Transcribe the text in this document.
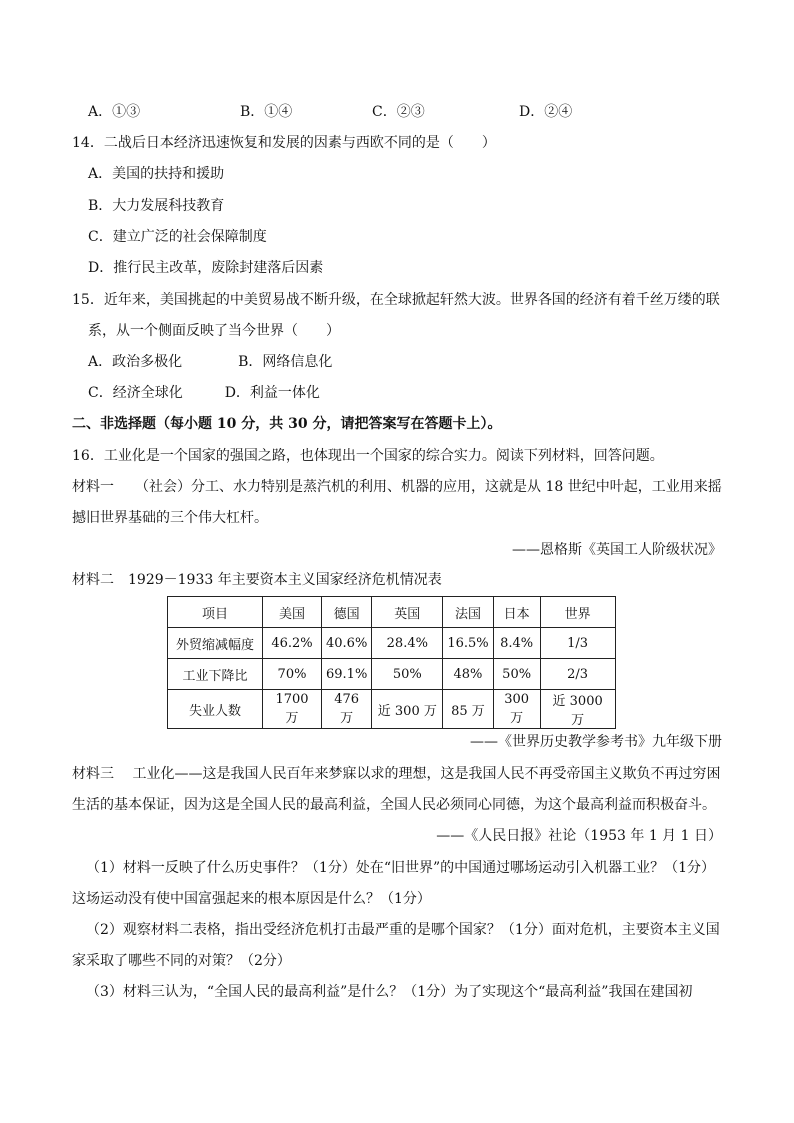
A．①③	B．①④	C．②③	D．②④
14．二战后日本经济迅速恢复和发展的因素与西欧不同的是（　　）
A．美国的扶持和援助
B．大力发展科技教育
C．建立广泛的社会保障制度
D．推行民主改革，废除封建落后因素
15．近年来，美国挑起的中美贸易战不断升级，在全球掀起轩然大波。世界各国的经济有着千丝万缕的联
系，从一个侧面反映了当今世界（　　）
A．政治多极化　　　　B．网络信息化
C．经济全球化　　　D．利益一体化
二、非选择题（每小题 10 分，共 30 分，请把答案写在答题卡上）。
16．工业化是一个国家的强国之路，也体现出一个国家的综合实力。阅读下列材料，回答问题。
材料一　　（社会）分工、水力特别是蒸汽机的利用、机器的应用，这就是从 18 世纪中叶起，工业用来摇
撼旧世界基础的三个伟大杠杆。
——恩格斯《英国工人阶级状况》
材料二　1929－1933 年主要资本主义国家经济危机情况表
项目	美国	德国	英国	法国	日本	世界
外贸缩减幅度	46.2%	40.6%	28.4%	16.5%	8.4%	1/3
工业下降比	70%	69.1%	50%	48%	50%	2/3
失业人数	1700 万	476 万	近 300 万	85 万	300 万	近 3000 万
——《世界历史教学参考书》九年级下册
材料三　 工业化——这是我国人民百年来梦寐以求的理想，这是我国人民不再受帝国主义欺负不再过穷困
生活的基本保证，因为这是全国人民的最高利益，全国人民必须同心同德，为这个最高利益而积极奋斗。
——《人民日报》社论（1953 年 1 月 1 日）
（1）材料一反映了什么历史事件？（1分）处在“旧世界”的中国通过哪场运动引入机器工业？（1分）
这场运动没有使中国富强起来的根本原因是什么？（1分）
（2）观察材料二表格，指出受经济危机打击最严重的是哪个国家？（1分）面对危机，主要资本主义国
家采取了哪些不同的对策？（2分）
（3）材料三认为，“全国人民的最高利益”是什么？（1分）为了实现这个“最高利益”我国在建国初
